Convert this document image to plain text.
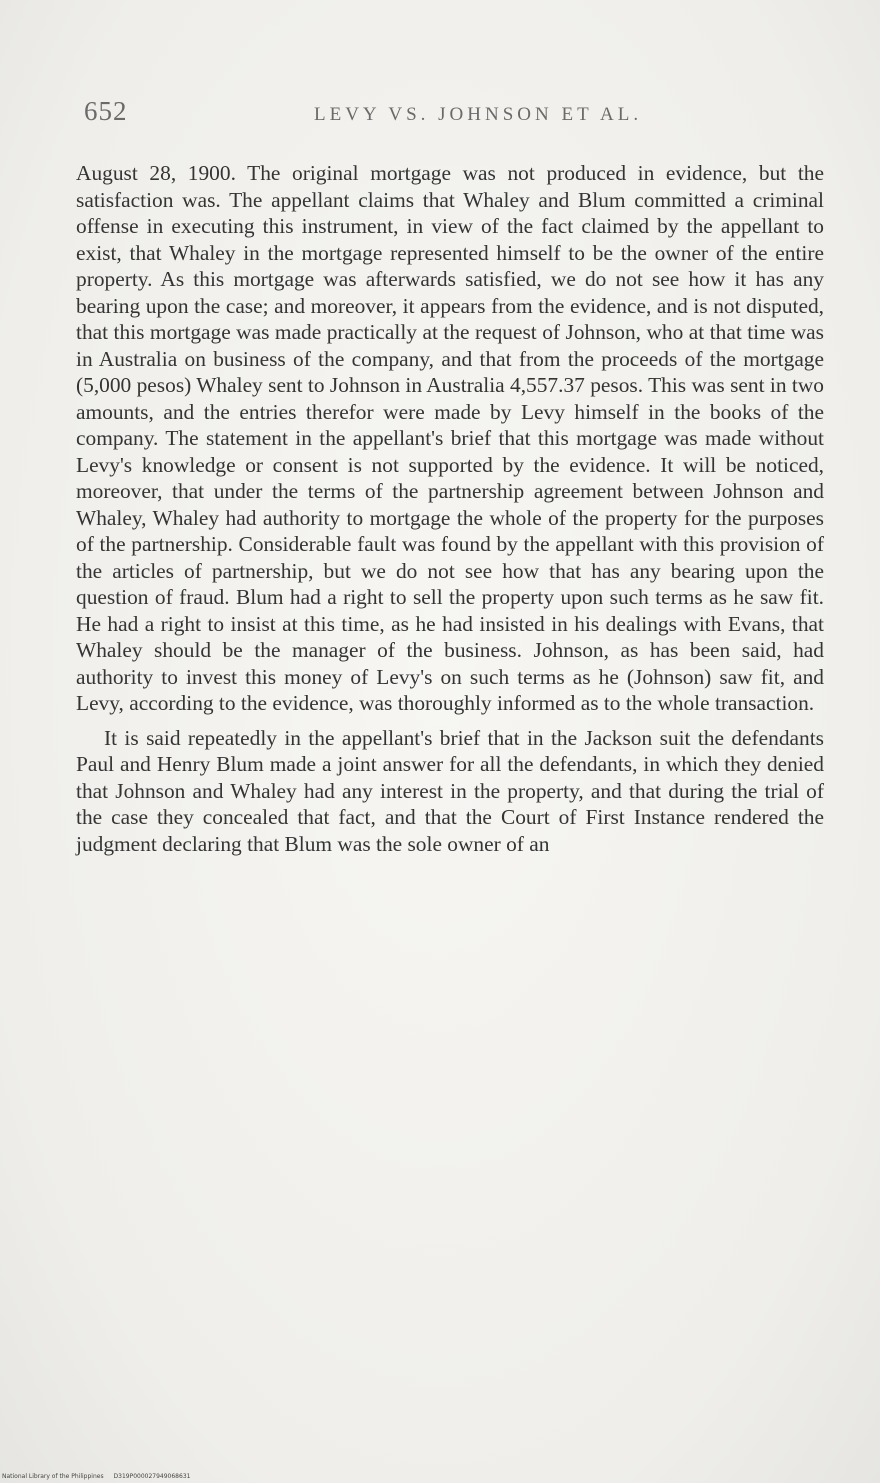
652	LEVY VS. JOHNSON ET AL.

August 28, 1900. The original mortgage was not produced in evidence, but the satisfaction was. The appellant claims that Whaley and Blum committed a criminal offense in executing this instrument, in view of the fact claimed by the appellant to exist, that Whaley in the mortgage represented himself to be the owner of the entire property. As this mortgage was afterwards satisfied, we do not see how it has any bearing upon the case; and moreover, it appears from the evidence, and is not disputed, that this mortgage was made practically at the request of Johnson, who at that time was in Australia on business of the company, and that from the proceeds of the mortgage (5,000 pesos) Whaley sent to Johnson in Australia 4,557.37 pesos. This was sent in two amounts, and the entries therefor were made by Levy himself in the books of the company. The statement in the appellant's brief that this mortgage was made without Levy's knowledge or consent is not supported by the evidence. It will be noticed, moreover, that under the terms of the partnership agreement between Johnson and Whaley, Whaley had authority to mortgage the whole of the property for the purposes of the partnership. Considerable fault was found by the appellant with this provision of the articles of partnership, but we do not see how that has any bearing upon the question of fraud. Blum had a right to sell the property upon such terms as he saw fit. He had a right to insist at this time, as he had insisted in his dealings with Evans, that Whaley should be the manager of the business. Johnson, as has been said, had authority to invest this money of Levy's on such terms as he (Johnson) saw fit, and Levy, according to the evidence, was thoroughly informed as to the whole transaction.

It is said repeatedly in the appellant's brief that in the Jackson suit the defendants Paul and Henry Blum made a joint answer for all the defendants, in which they denied that Johnson and Whaley had any interest in the property, and that during the trial of the case they concealed that fact, and that the Court of First Instance rendered the judgment declaring that Blum was the sole owner of an

National Library of the Philippines D319P000027949068631
